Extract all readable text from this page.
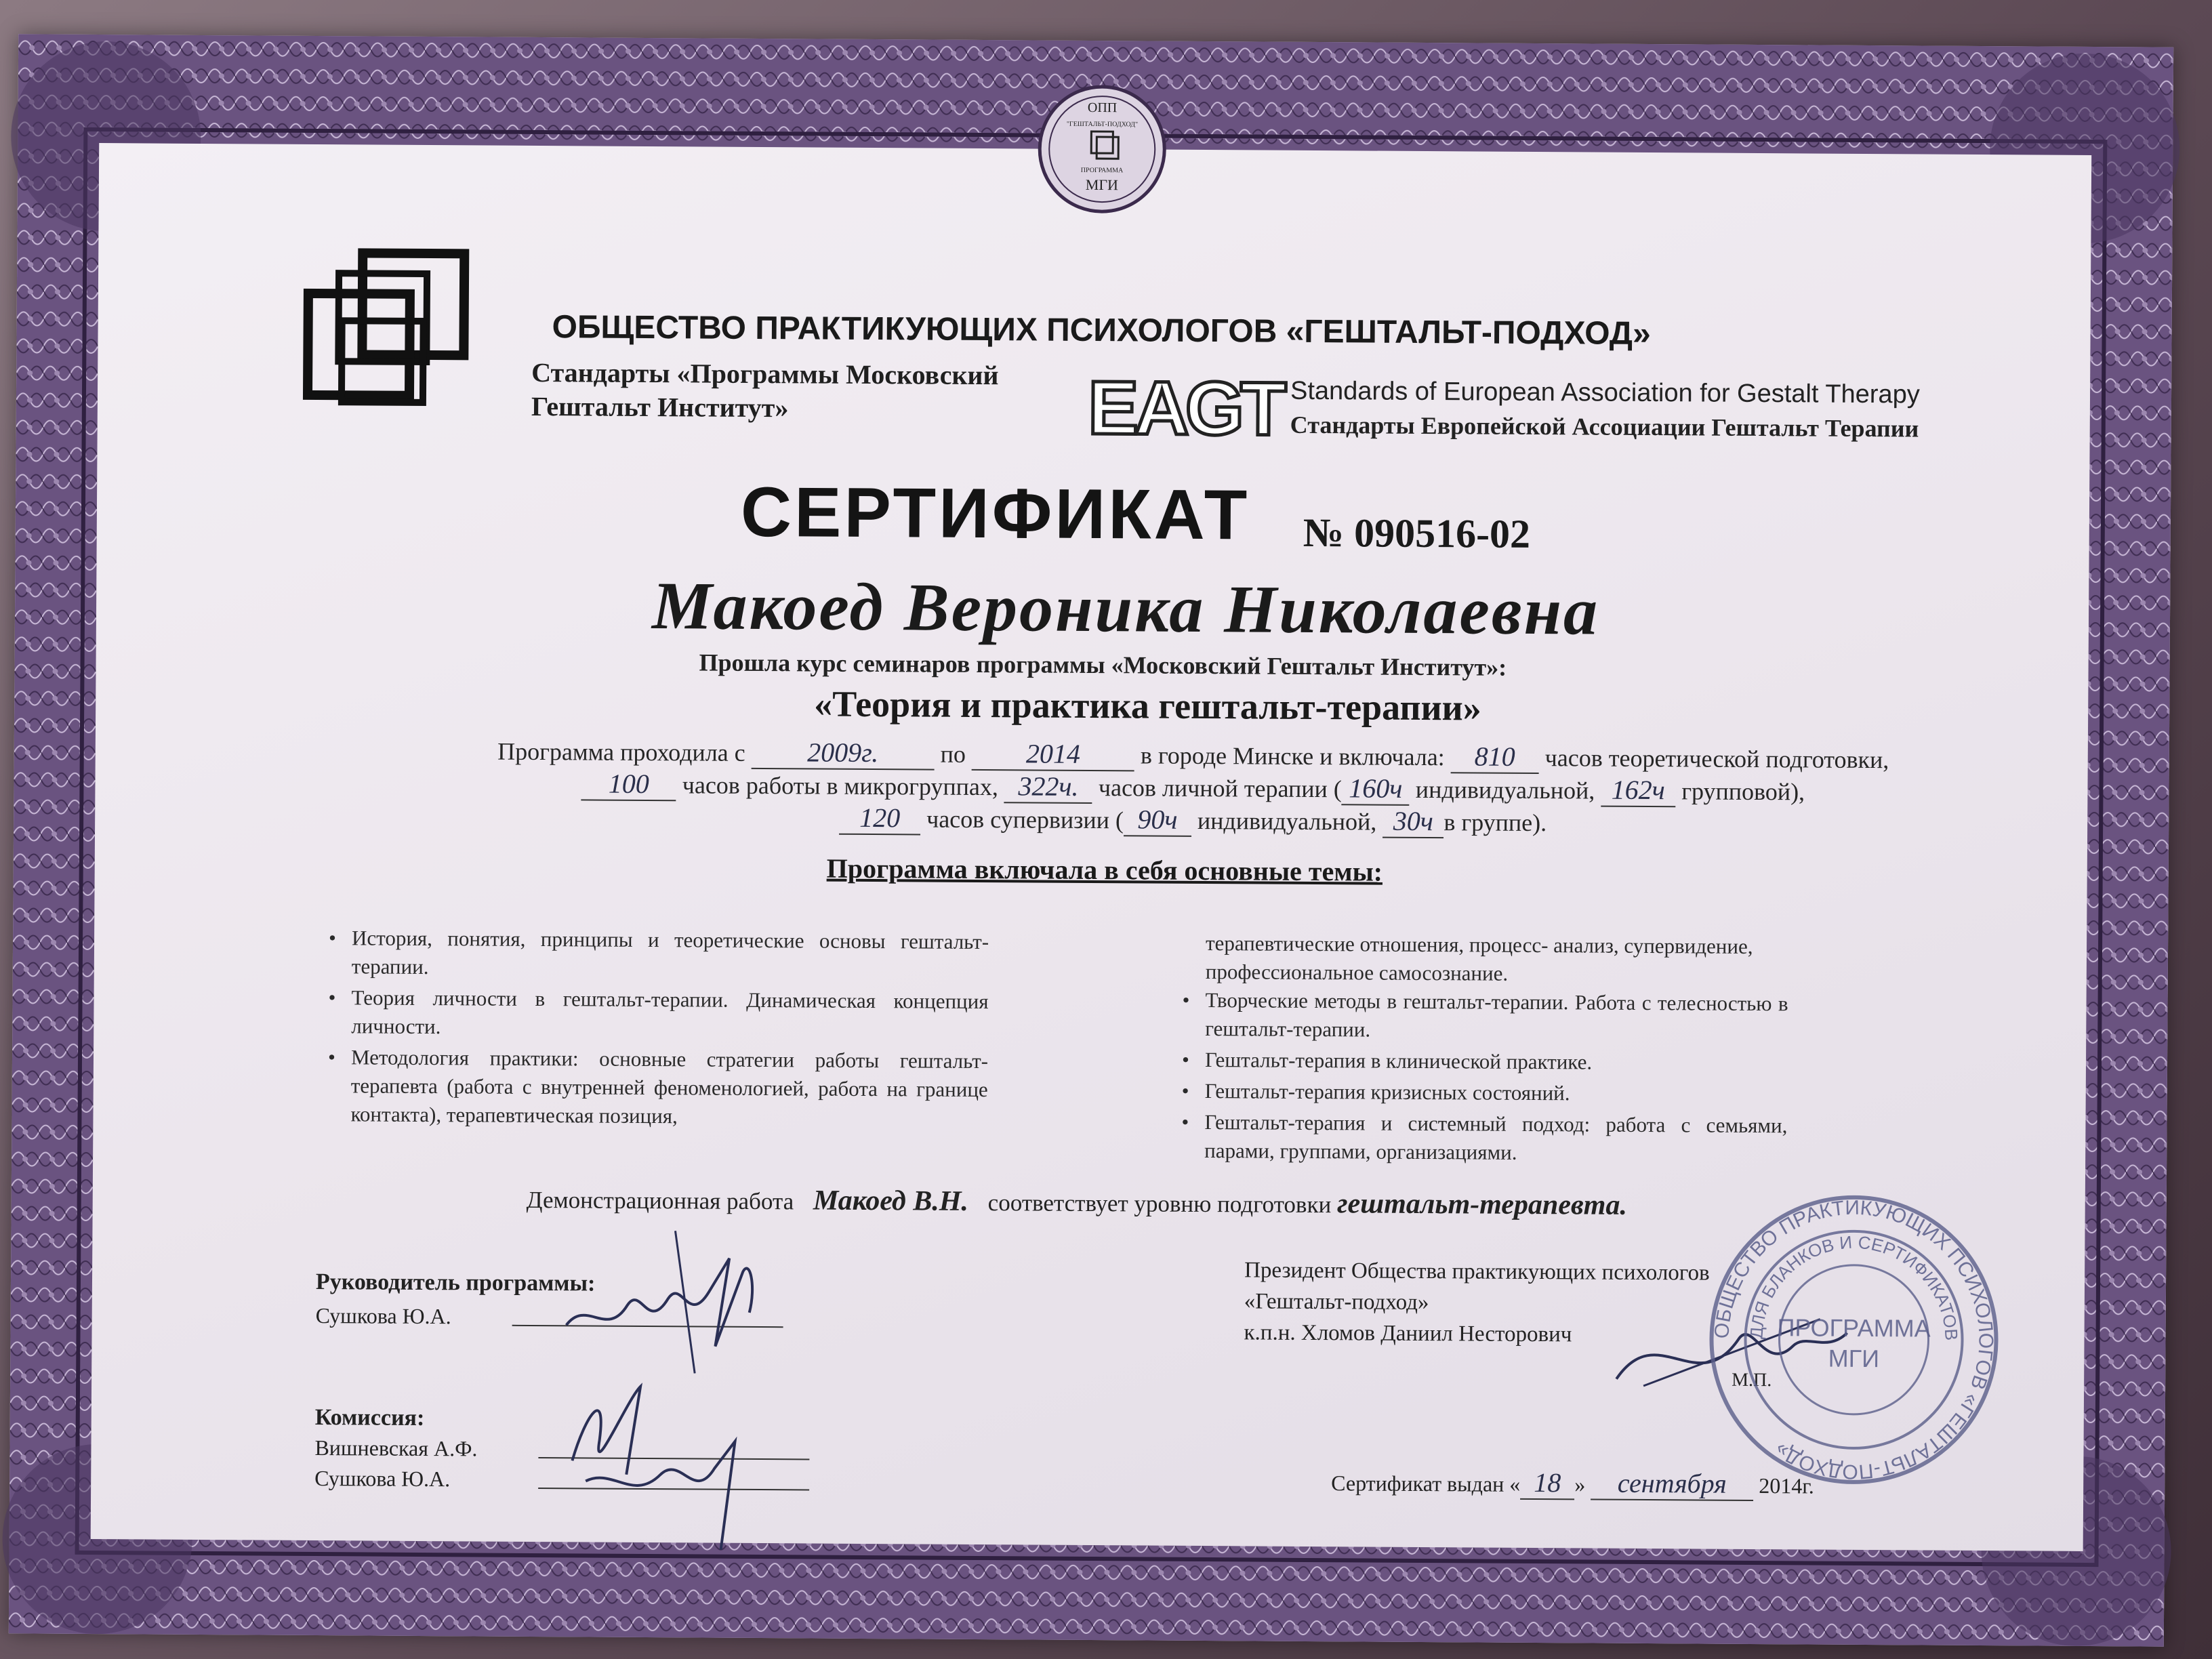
ОПП
"ГЕШТАЛЬТ-ПОДХОД"
ПРОГРАММА
МГИ
ОБЩЕСТВО ПРАКТИКУЮЩИХ ПСИХОЛОГОВ «ГЕШТАЛЬТ-ПОДХОД»
Стандарты «Программы Московский
Гештальт Институт»	EAGT Standards of European Association for Gestalt Therapy
Стандарты Европейской Ассоциации Гештальт Терапии
СЕРТИФИКАТ № 090516-02
Макоед Вероника Николаевна
Прошла курс семинаров программы «Московский Гештальт Институт»:
«Теория и практика гештальт-терапии»
Программа проходила с 2009г.	по 2014 в городе Минске и включала: 810 часов теоретической подготовки,
100 часов работы в микрогруппах, 322ч. часов личной терапии ( 160ч индивидуальной, 162ч групповой),
120 часов супервизии ( 90ч индивидуальной, 30ч в группе).
Программа включала в себя основные темы:
• История, понятия, принципы и теоретические основы гештальт-терапии.
• Теория личности в гештальт-терапии. Динамическая концепция личности.
• Методология практики: основные стратегии работы гештальт-терапевта (работа с внутренней феноменологией, работа на границе контакта), терапевтическая позиция,
терапевтические отношения, процесс- анализ, супервидение, профессиональное самосознание.
• Творческие методы в гештальт-терапии. Работа с телесностью в гештальт-терапии.
• Гештальт-терапия в клинической практике.
• Гештальт-терапия кризисных состояний.
• Гештальт-терапия и системный подход: работа с семьями, парами, группами, организациями.
Демонстрационная работа Макоед В.Н. соответствует уровню подготовки гештальт-терапевта.
Руководитель программы:
Сушкова Ю.А.
Комиссия:
Вишневская А.Ф.
Сушкова Ю.А.
Президент Общества практикующих психологов
«Гештальт-подход»
к.п.н. Хломов Даниил Несторович
М.П.
ОБЩЕСТВО ПРАКТИКУЮЩИХ ПСИХОЛОГОВ «ГЕШТАЛЬТ-ПОДХОД»
ДЛЯ БЛАНКОВ И СЕРТИФИКАТОВ
ПРОГРАММА
МГИ
Сертификат выдан « 18 » сентября 2014г.
